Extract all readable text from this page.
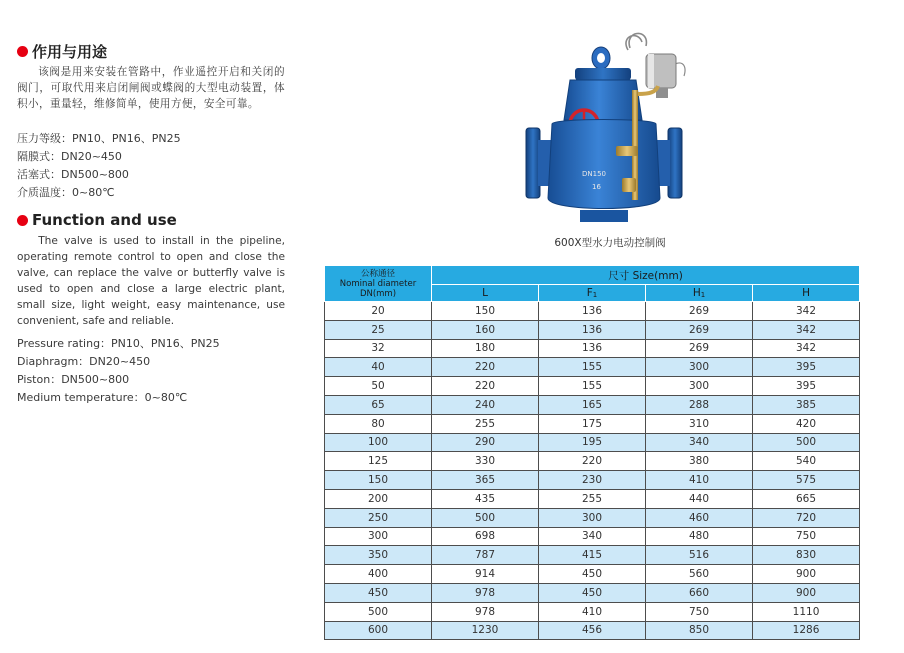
作用与用途

该阀是用来安装在管路中，作业遥控开启和关闭的阀门，可取代用来启闭闸阀或蝶阀的大型电动装置，体积小，重量轻，维修简单，使用方便，安全可靠。

压力等级：PN10、PN16、PN25
隔膜式：DN20~450
活塞式：DN500~800
介质温度：0~80℃
Function and use

The valve is used to install in the pipeline, operating remote control to open and close the valve, can replace the valve or butterfly valve is used to open and close a large electric plant, small size, light weight, easy maintenance, use convenient, safe and reliable.

Pressure rating：PN10、PN16、PN25
Diaphragm：DN20~450
Piston：DN500~800
Medium temperature：0~80℃
DN150
16
600X型水力电动控制阀
公称通径
Nominal diameter
DN(mm)	尺寸 Size(mm)			
	L	F1	H1	H
20	150	136	269	342
25	160	136	269	342
32	180	136	269	342
40	220	155	300	395
50	220	155	300	395
65	240	165	288	385
80	255	175	310	420
100	290	195	340	500
125	330	220	380	540
150	365	230	410	575
200	435	255	440	665
250	500	300	460	720
300	698	340	480	750
350	787	415	516	830
400	914	450	560	900
450	978	450	660	900
500	978	410	750	1110
600	1230	456	850	1286
